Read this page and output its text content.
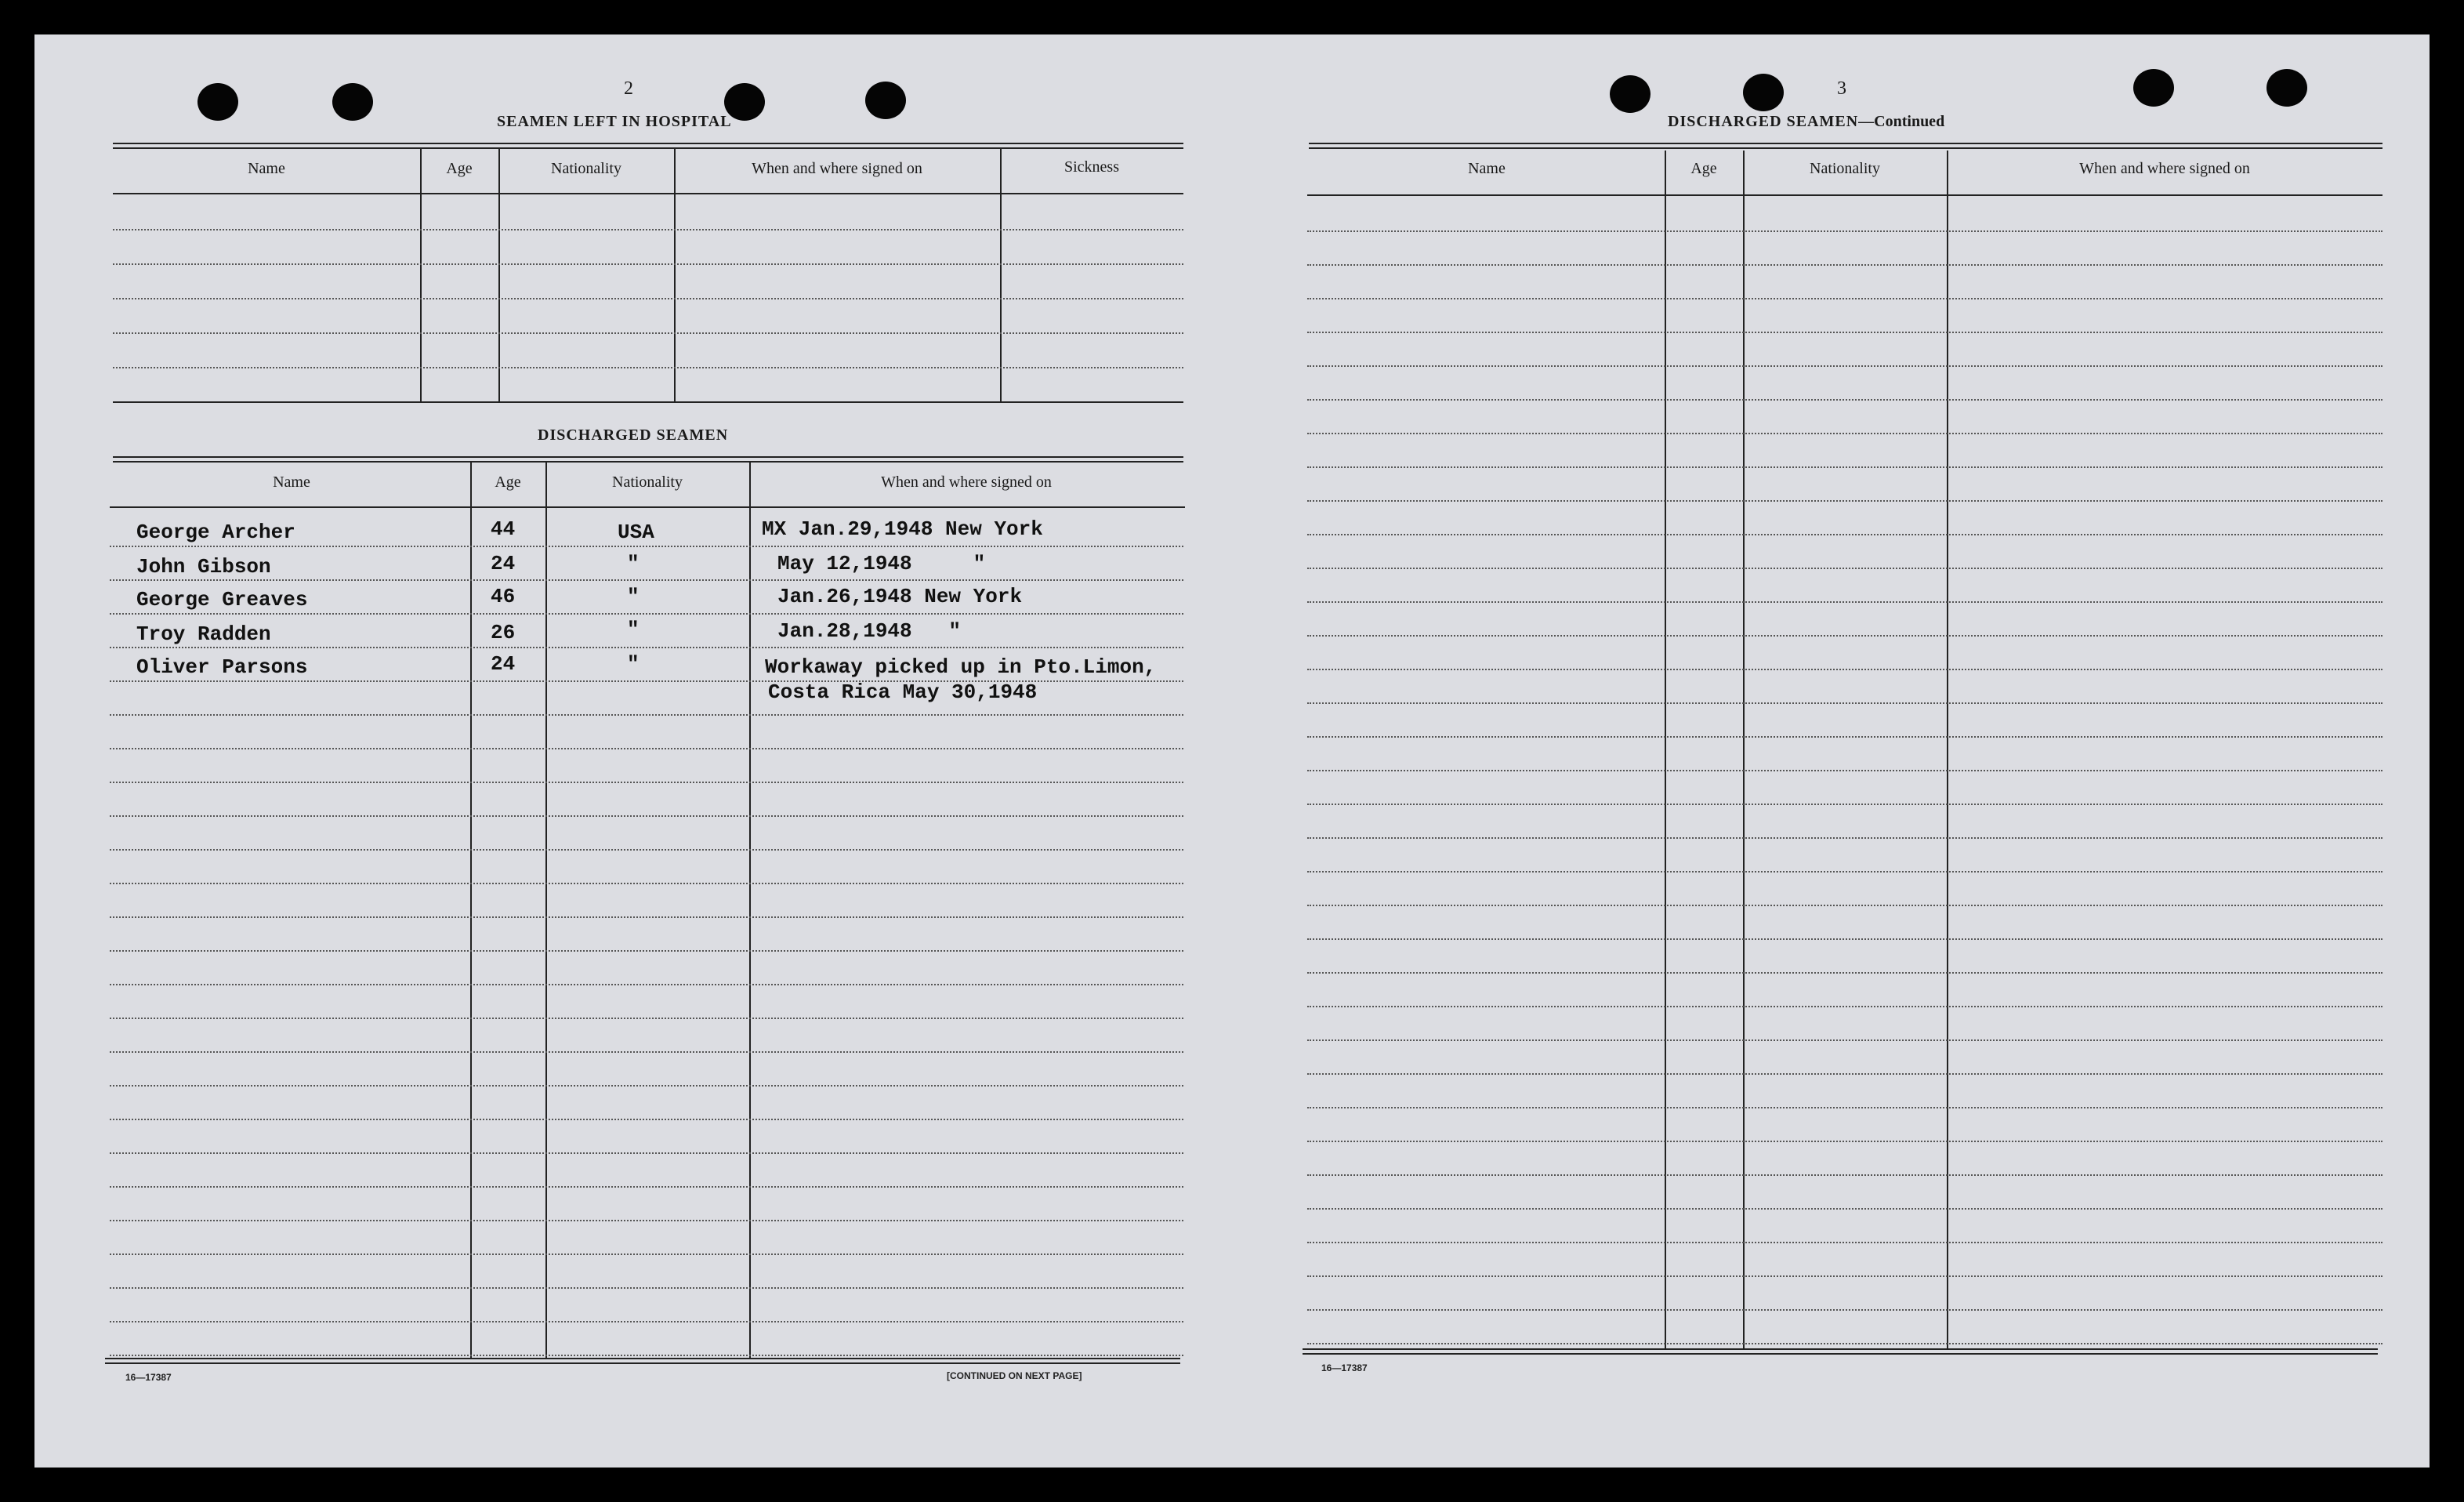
2
SEAMEN LEFT IN HOSPITAL
Name	Age	Nationality	When and where signed on	Sickness
DISCHARGED SEAMEN
Name	Age	Nationality	When and where signed on
George Archer	44	USA	MX Jan.29,1948 New York
John Gibson	24	"	May 12,1948     "
George Greaves	46	"	Jan.26,1948 New York
Troy Radden	26	"	Jan.28,1948   "
Oliver Parsons	24	"	Workaway picked up in Pto.Limon,
Costa Rica May 30,1948
16—17387	[CONTINUED ON NEXT PAGE]
3
DISCHARGED SEAMEN—Continued
Name	Age	Nationality	When and where signed on
16—17387
